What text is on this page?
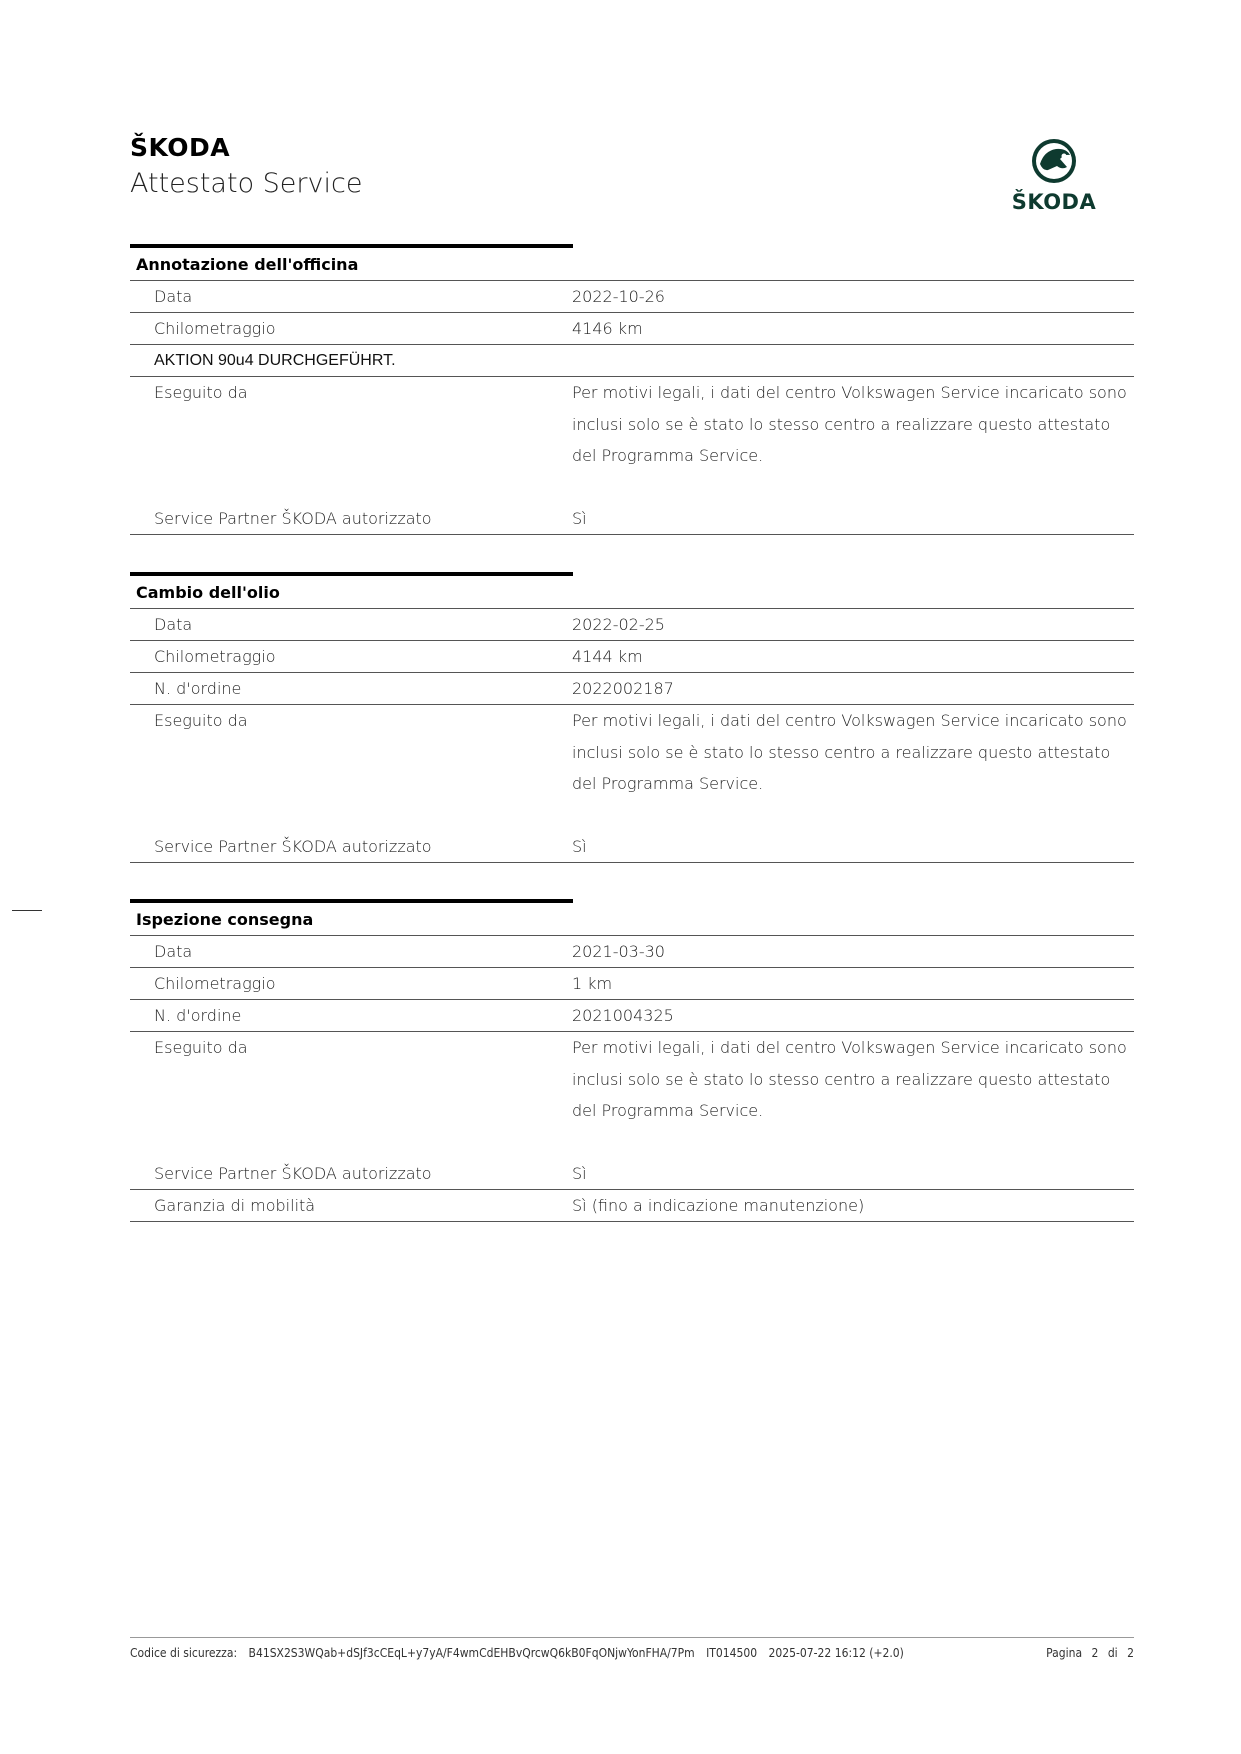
ŠKODA
Attestato Service
ŠKODA
Annotazione dell'officina
Data	2022-10-26
Chilometraggio	4146 km
AKTION 90u4 DURCHGEFÜHRT.
Eseguito da	Per motivi legali, i dati del centro Volkswagen Service incaricato sono inclusi solo se è stato lo stesso centro a realizzare questo attestato del Programma Service.
Service Partner ŠKODA autorizzato	Sì
Cambio dell'olio
Data	2022-02-25
Chilometraggio	4144 km
N. d'ordine	2022002187
Eseguito da	Per motivi legali, i dati del centro Volkswagen Service incaricato sono inclusi solo se è stato lo stesso centro a realizzare questo attestato del Programma Service.
Service Partner ŠKODA autorizzato	Sì
Ispezione consegna
Data	2021-03-30
Chilometraggio	1 km
N. d'ordine	2021004325
Eseguito da	Per motivi legali, i dati del centro Volkswagen Service incaricato sono inclusi solo se è stato lo stesso centro a realizzare questo attestato del Programma Service.
Service Partner ŠKODA autorizzato	Sì
Garanzia di mobilità	Sì (fino a indicazione manutenzione)
Codice di sicurezza: B41SX2S3WQab+dSJf3cCEqL+y7yA/F4wmCdEHBvQrcwQ6kB0FqONjwYonFHA/7Pm IT014500 2025-07-22 16:12 (+2.0)	Pagina 2 di 2
